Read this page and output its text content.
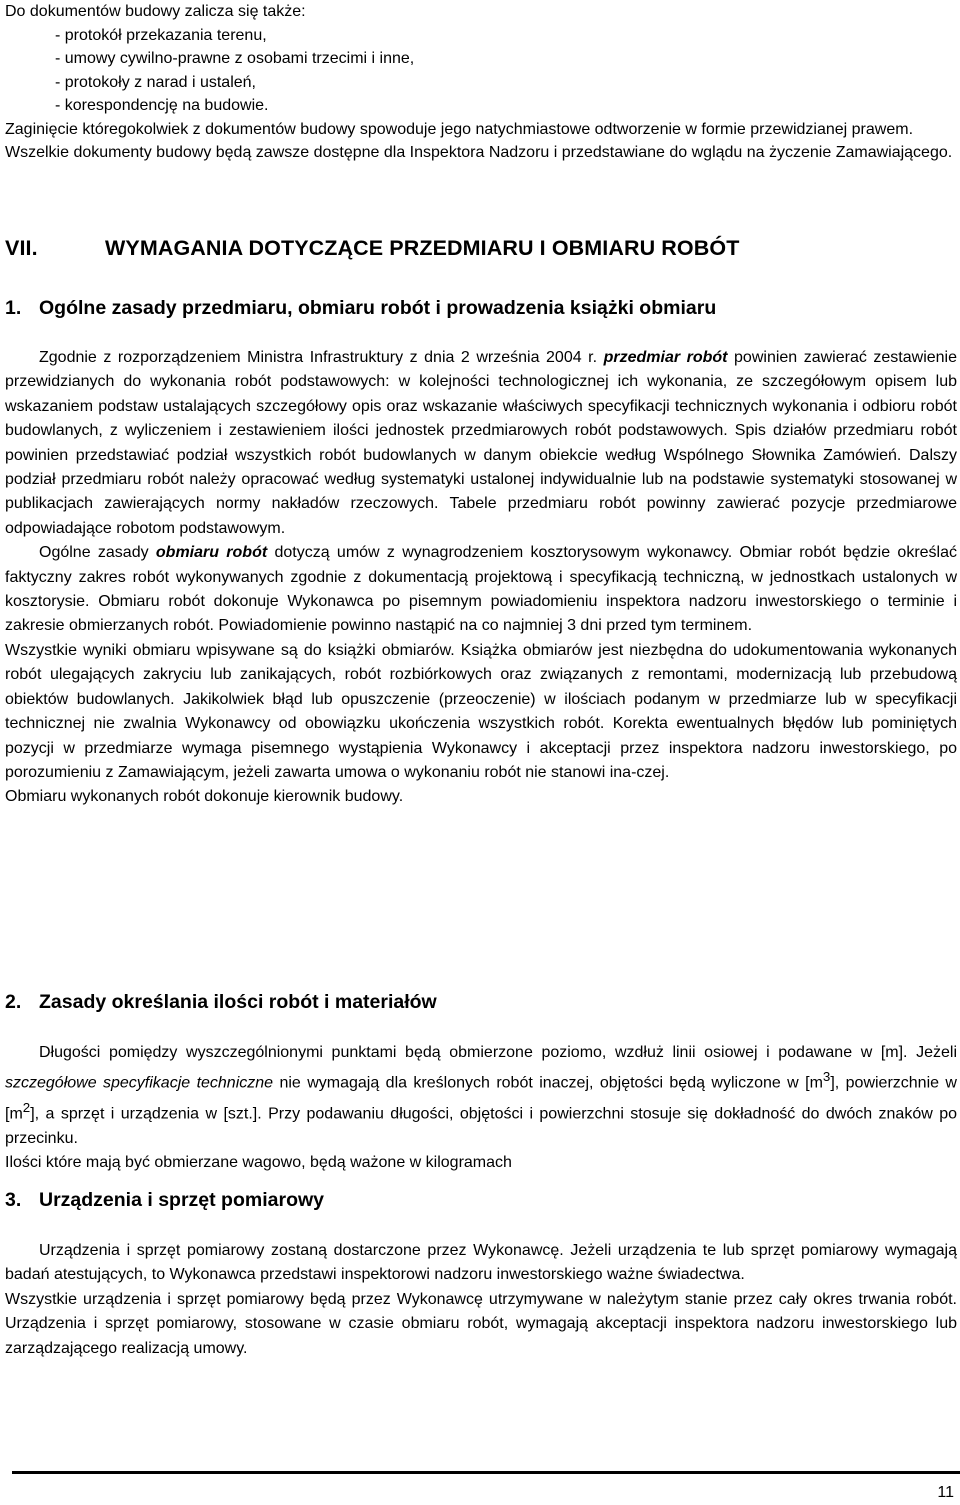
Do dokumentów budowy zalicza się także:

- protokół przekazania terenu,

- umowy cywilno-prawne z osobami trzecimi i inne,

- protokoły z narad i ustaleń,

- korespondencję na budowie.

Zaginięcie któregokolwiek z dokumentów budowy spowoduje jego natychmiastowe odtworzenie w formie przewidzianej prawem.

Wszelkie dokumenty budowy będą zawsze dostępne dla Inspektora Nadzoru i przedstawiane do wglądu na życzenie Zamawiającego.

VII.	WYMAGANIA DOTYCZĄCE PRZEDMIARU I OBMIARU ROBÓT
1. Ogólne zasady przedmiaru, obmiaru robót i prowadzenia książki obmiaru

Zgodnie z rozporządzeniem Ministra Infrastruktury z dnia 2 września 2004 r. przedmiar robót powinien zawierać zestawienie przewidzianych do wykonania robót podstawowych: w kolejności technologicznej ich wykonania, ze szczegółowym opisem lub wskazaniem podstaw ustalających szczegółowy opis oraz wskazanie właściwych specyfikacji technicznych wykonania i odbioru robót budowlanych, z wyliczeniem i zestawieniem ilości jednostek przedmiarowych robót podstawowych. Spis działów przedmiaru robót powinien przedstawiać podział wszystkich robót budowlanych w danym obiekcie według Wspólnego Słownika Zamówień. Dalszy podział przedmiaru robót należy opracować według systematyki ustalonej indywidualnie lub na podstawie systematyki stosowanej w publikacjach zawierających normy nakładów rzeczowych. Tabele przedmiaru robót powinny zawierać pozycje przedmiarowe odpowiadające robotom podstawowym.

Ogólne zasady obmiaru robót dotyczą umów z wynagrodzeniem kosztorysowym wykonawcy. Obmiar robót będzie określać faktyczny zakres robót wykonywanych zgodnie z dokumentacją projektową i specyfikacją techniczną, w jednostkach ustalonych w kosztorysie. Obmiaru robót dokonuje Wykonawca po pisemnym powiadomieniu inspektora nadzoru inwestorskiego o terminie i zakresie obmierzanych robót. Powiadomienie powinno nastąpić na co najmniej 3 dni przed tym terminem.

Wszystkie wyniki obmiaru wpisywane są do książki obmiarów. Książka obmiarów jest niezbędna do udokumentowania wykonanych robót ulegających zakryciu lub zanikających, robót rozbiórkowych oraz związanych z remontami, modernizacją lub przebudową obiektów budowlanych. Jakikolwiek błąd lub opuszczenie (przeoczenie) w ilościach podanym w przedmiarze lub w specyfikacji technicznej nie zwalnia Wykonawcy od obowiązku ukończenia wszystkich robót. Korekta ewentualnych błędów lub pominiętych pozycji w przedmiarze wymaga pisemnego wystąpienia Wykonawcy i akceptacji przez inspektora nadzoru inwestorskiego, po porozumieniu z Zamawiającym, jeżeli zawarta umowa o wykonaniu robót nie stanowi ina-czej.

Obmiaru wykonanych robót dokonuje kierownik budowy.

2. Zasady określania ilości robót i materiałów

Długości pomiędzy wyszczególnionymi punktami będą obmierzone poziomo, wzdłuż linii osiowej i podawane w [m]. Jeżeli szczegółowe specyfikacje techniczne nie wymagają dla kreślonych robót inaczej, objętości będą wyliczone w $[m^3]$, powierzchnie w $[m^2]$, a sprzęt i urządzenia w [szt.]. Przy podawaniu długości, objętości i powierzchni stosuje się dokładność do dwóch znaków po przecinku.

Ilości które mają być obmierzane wagowo, będą ważone w kilogramach

3. Urządzenia i sprzęt pomiarowy

Urządzenia i sprzęt pomiarowy zostaną dostarczone przez Wykonawcę. Jeżeli urządzenia te lub sprzęt pomiarowy wymagają badań atestujących, to Wykonawca przedstawi inspektorowi nadzoru inwestorskiego ważne świadectwa.

Wszystkie urządzenia i sprzęt pomiarowy będą przez Wykonawcę utrzymywane w należytym stanie przez cały okres trwania robót. Urządzenia i sprzęt pomiarowy, stosowane w czasie obmiaru robót, wymagają akceptacji inspektora nadzoru inwestorskiego lub zarządzającego realizacją umowy.

11
